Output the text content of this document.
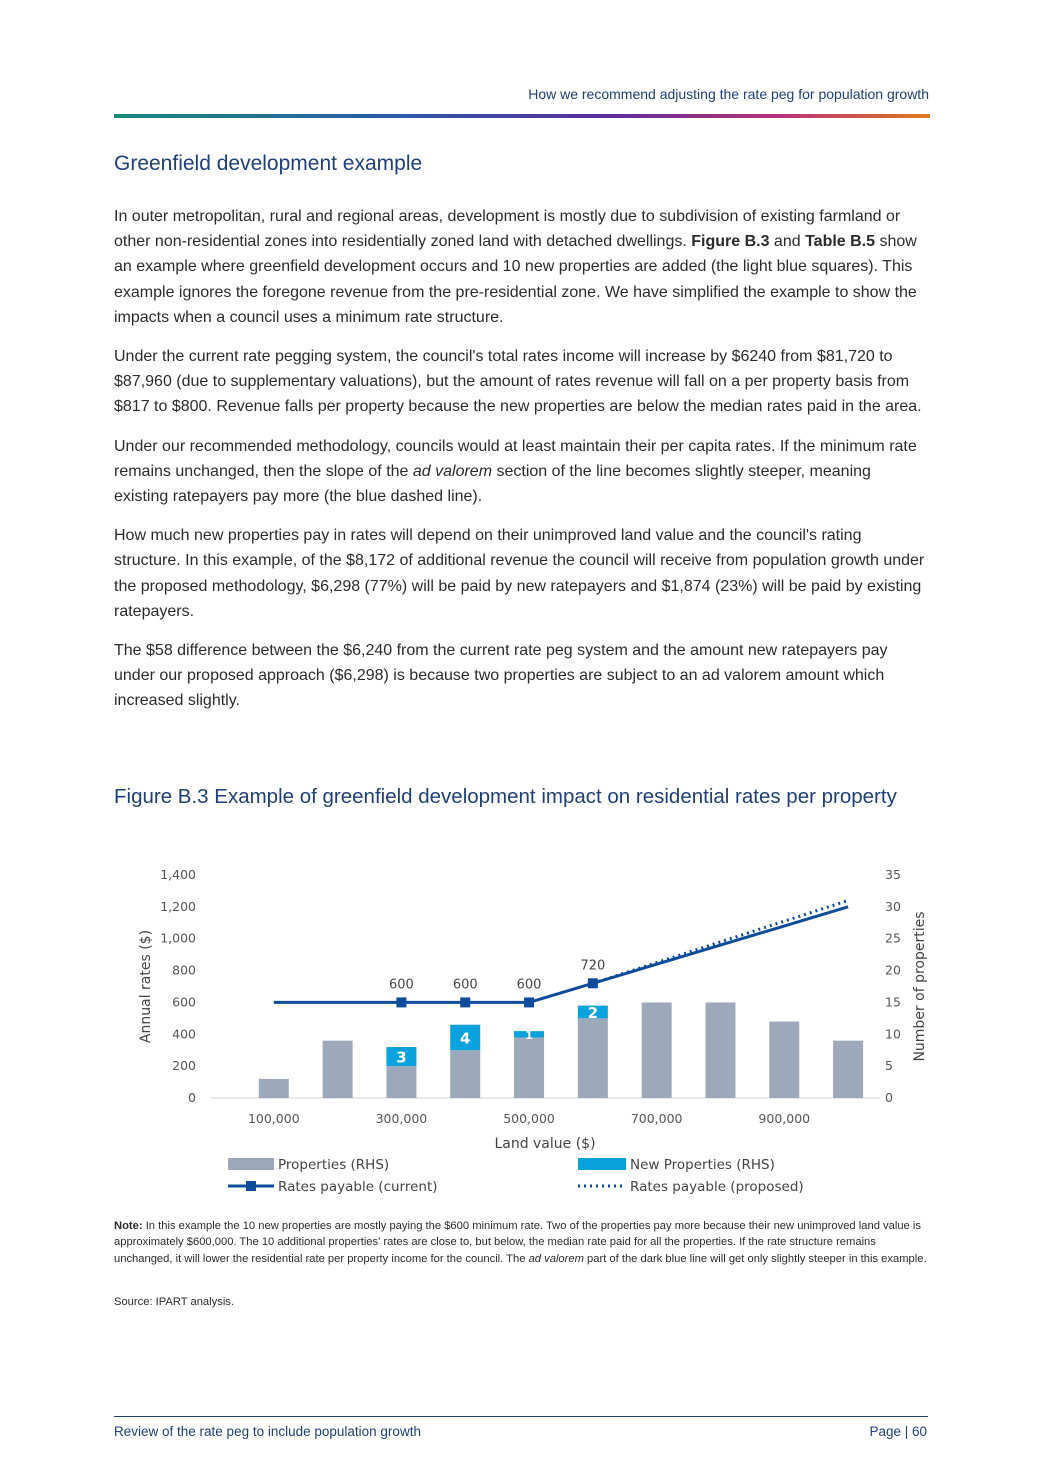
How we recommend adjusting the rate peg for population growth
Greenfield development example

In outer metropolitan, rural and regional areas, development is mostly due to subdivision of existing farmland or other non-residential zones into residentially zoned land with detached dwellings. Figure B.3 and Table B.5 show an example where greenfield development occurs and 10 new properties are added (the light blue squares). This example ignores the foregone revenue from the pre-residential zone. We have simplified the example to show the impacts when a council uses a minimum rate structure.

Under the current rate pegging system, the council's total rates income will increase by $6240 from $81,720 to $87,960 (due to supplementary valuations), but the amount of rates revenue will fall on a per property basis from $817 to $800. Revenue falls per property because the new properties are below the median rates paid in the area.

Under our recommended methodology, councils would at least maintain their per capita rates. If the minimum rate remains unchanged, then the slope of the ad valorem section of the line becomes slightly steeper, meaning existing ratepayers pay more (the blue dashed line).

How much new properties pay in rates will depend on their unimproved land value and the council's rating structure. In this example, of the $8,172 of additional revenue the council will receive from population growth under the proposed methodology, $6,298 (77%) will be paid by new ratepayers and $1,874 (23%) will be paid by existing ratepayers.

The $58 difference between the $6,240 from the current rate peg system and the amount new ratepayers pay under our proposed approach ($6,298) is because two properties are subject to an ad valorem amount which increased slightly.

Figure B.3 Example of greenfield development impact on residential rates per property
0
200
400
600
800
1,000
1,200
1,400
0
5
10
15
20
25
30
35
100,000	300,000	500,000	700,000	900,000
Land value ($)
Annual rates ($)	Number of properties
3
4	1
2
600	600	600
720
Properties (RHS)	New Properties (RHS)
Rates payable (current)	Rates payable (proposed)
Note: In this example the 10 new properties are mostly paying the $600 minimum rate. Two of the properties pay more because their new unimproved land value is approximately $600,000. The 10 additional properties' rates are close to, but below, the median rate paid for all the properties. If the rate structure remains unchanged, it will lower the residential rate per property income for the council. The ad valorem part of the dark blue line will get only slightly steeper in this example.
Source: IPART analysis.
Review of the rate peg to include population growth	Page | 60
